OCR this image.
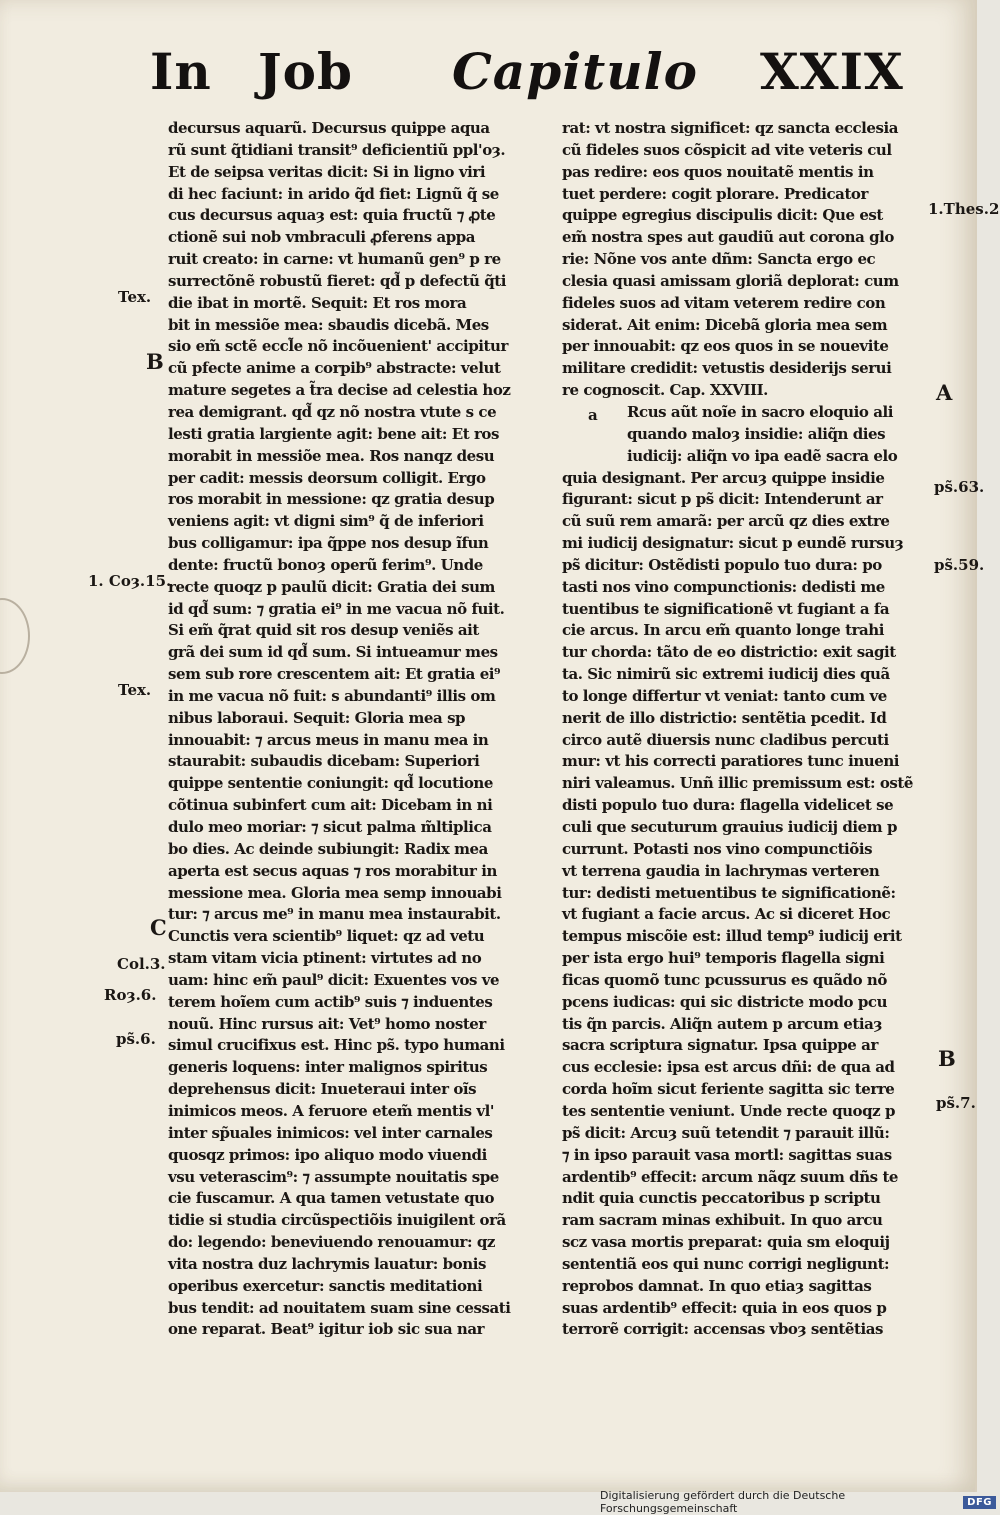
In Job Capitulo XXIX
decursus aquarũ. Decursus quippe aqua
rũ sunt q̃tidiani transit⁹ deficientiũ ppl'oȝ.
Et de seipsa veritas dicit: Si in ligno viri
di hec faciunt: in arido q̃d fiet: Lignũ q̃ se
cus decursus aquaȝ est: quia fructũ ⁊ ꝓte
ctionẽ sui nob vmbraculi ꝓferens appa
ruit creato: in carne: vt humanũ gen⁹ p re
surrectõnẽ robustũ fieret: qd̃ p defectũ q̃ti
die ibat in mortẽ. Sequit: Et ros mora
bit in messiõe mea: sbaudis dicebã. Mes
sio em̃ sctẽ eccl̃e nõ incõuenient' accipitur
cũ pfecte anime a corpib⁹ abstracte: velut
mature segetes a t̃ra decise ad celestia hoz
rea demigrant. qd̃ qz nõ nostra vtute s ce
lesti gratia largiente agit: bene ait: Et ros
morabit in messiõe mea. Ros nanqz desu
per cadit: messis deorsum colligit. Ergo
ros morabit in messione: qz gratia desup
veniens agit: vt digni sim⁹ q̃ de inferiori
bus colligamur: ipa q̃ppe nos desup ĩfun
dente: fructũ bonoȝ operũ ferim⁹. Unde
recte quoqz p paulũ dicit: Gratia dei sum
id qd̃ sum: ⁊ gratia ei⁹ in me vacua nõ fuit.
Si em̃ q̃rat quid sit ros desup veniẽs ait
grã dei sum id qd̃ sum. Si intueamur mes
sem sub rore crescentem ait: Et gratia ei⁹
in me vacua nõ fuit: s abundanti⁹ illis om
nibus laboraui. Sequit: Gloria mea sp
innouabit: ⁊ arcus meus in manu mea in
staurabit: subaudis dicebam: Superiori
quippe sententie coniungit: qd̃ locutione
cõtinua subinfert cum ait: Dicebam in ni
dulo meo moriar: ⁊ sicut palma m̃ltiplica
bo dies. Ac deinde subiungit: Radix mea
aperta est secus aquas ⁊ ros morabitur in
messione mea. Gloria mea semp innouabi
tur: ⁊ arcus me⁹ in manu mea instaurabit.
Cunctis vera scientib⁹ liquet: qz ad vetu
stam vitam vicia ptinent: virtutes ad no
uam: hinc em̃ paul⁹ dicit: Exuentes vos ve
terem hoĩem cum actib⁹ suis ⁊ induentes
nouũ. Hinc rursus ait: Vet⁹ homo noster
simul crucifixus est. Hinc ps̃. typo humani
generis loquens: inter malignos spiritus
deprehensus dicit: Inueteraui inter oĩs
inimicos meos. A feruore etem̃ mentis vl'
inter sp̃uales inimicos: vel inter carnales
quosqz primos: ipo aliquo modo viuendi
vsu veterascim⁹: ⁊ assumpte nouitatis spe
cie fuscamur. A qua tamen vetustate quo
tidie si studia circũspectiõis inuigilent orã
do: legendo: beneviuendo renouamur: qz
vita nostra duz lachrymis lauatur: bonis
operibus exercetur: sanctis meditationi
bus tendit: ad nouitatem suam sine cessati
one reparat. Beat⁹ igitur iob sic sua nar
rat: vt nostra significet: qz sancta ecclesia
cũ fideles suos cõspicit ad vite veteris cul
pas redire: eos quos nouitatẽ mentis in
tuet perdere: cogit plorare. Predicator
quippe egregius discipulis dicit: Que est
em̃ nostra spes aut gaudiũ aut corona glo
rie: Nõne vos ante dñm: Sancta ergo ec
clesia quasi amissam gloriã deplorat: cum
fideles suos ad vitam veterem redire con
siderat. Ait enim: Dicebã gloria mea sem
per innouabit: qz eos quos in se nouevite
militare credidit: vetustis desiderijs serui
re cognoscit. Cap. XXVIII.
Rcus aũt noĩe in sacro eloquio ali
quando maloȝ insidie: aliq̃n dies
iudicij: aliq̃n vo ipa eadẽ sacra elo
quia designant. Per arcuȝ quippe insidie
figurant: sicut p ps̃ dicit: Intenderunt ar
cũ suũ rem amarã: per arcũ qz dies extre
mi iudicij designatur: sicut p eundẽ rursuȝ
ps̃ dicitur: Ostẽdisti populo tuo dura: po
tasti nos vino compunctionis: dedisti me
tuentibus te significationẽ vt fugiant a fa
cie arcus. In arcu em̃ quanto longe trahi
tur chorda: tãto de eo districtio: exit sagit
ta. Sic nimirũ sic extremi iudicij dies quã
to longe differtur vt veniat: tanto cum ve
nerit de illo districtio: sentẽtia pcedit. Id
circo autẽ diuersis nunc cladibus percuti
mur: vt his correcti paratiores tunc inueni
niri valeamus. Unñ illic premissum est: ostẽ
disti populo tuo dura: flagella videlicet se
culi que secuturum grauius iudicij diem p
currunt. Potasti nos vino compunctiõis
vt terrena gaudia in lachrymas verteren
tur: dedisti metuentibus te significationẽ:
vt fugiant a facie arcus. Ac si diceret Hoc
tempus miscõie est: illud temp⁹ iudicij erit
per ista ergo hui⁹ temporis flagella signi
ficas quomõ tunc pcussurus es quãdo nõ
pcens iudicas: qui sic districte modo pcu
tis q̃n parcis. Aliq̃n autem p arcum etiaȝ
sacra scriptura signatur. Ipsa quippe ar
cus ecclesie: ipsa est arcus dñi: de qua ad
corda hoĩm sicut feriente sagitta sic terre
tes sententie veniunt. Unde recte quoqz p
ps̃ dicit: Arcuȝ suũ tetendit ⁊ parauit illũ:
⁊ in ipso parauit vasa mortl: sagittas suas
ardentib⁹ effecit: arcum nãqz suum dñs te
ndit quia cunctis peccatoribus p scriptu
ram sacram minas exhibuit. In quo arcu
scz vasa mortis preparat: quia sm eloquij
sententiã eos qui nunc corrigi negligunt:
reprobos damnat. In quo etiaȝ sagittas
suas ardentib⁹ effecit: quia in eos quos p
terrorẽ corrigit: accensas vboȝ sentẽtias
Tex.
B
1. Coȝ.15.
Tex.
C
Col.3.
Roȝ.6.
ps̃.6.
1.Thes.2
A
a
ps̃.63.
ps̃.59.
B
ps̃.7.
Digitalisierung gefördert durch die Deutsche Forschungsgemeinschaft	DFG
